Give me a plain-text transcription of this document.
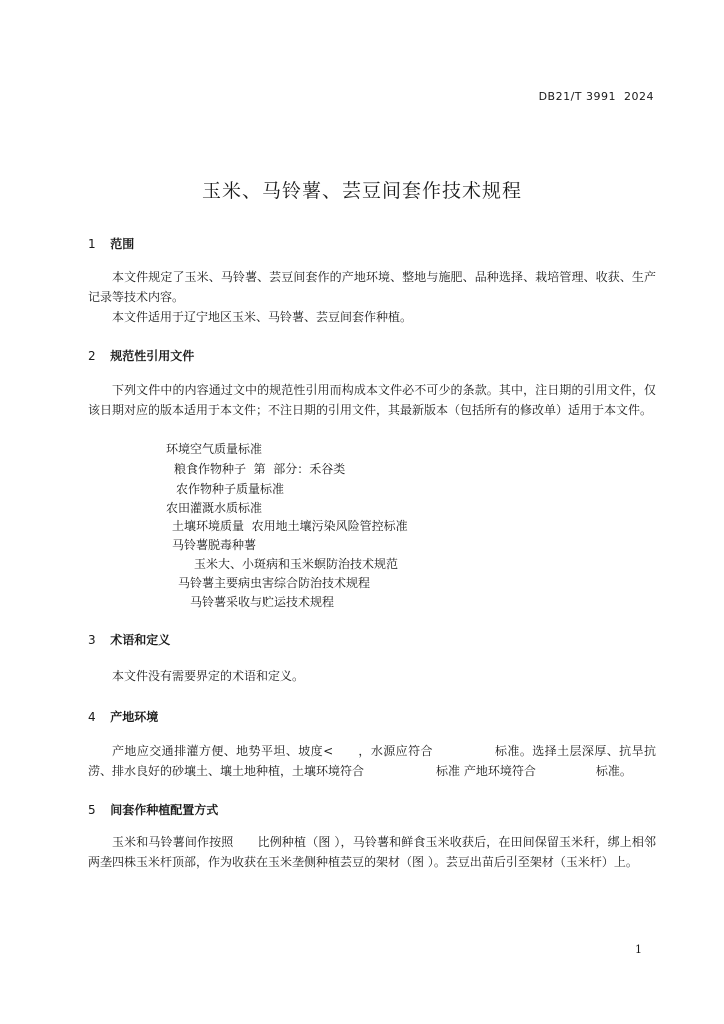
DB21/T 3991  2024
玉米、马铃薯、芸豆间套作技术规程
1 范围

本文件规定了玉米、马铃薯、芸豆间套作的产地环境、整地与施肥、品种选择、栽培管理、收获、生产记录等技术内容。

本文件适用于辽宁地区玉米、马铃薯、芸豆间套作种植。

2 规范性引用文件

下列文件中的内容通过文中的规范性引用而构成本文件必不可少的条款。其中，注日期的引用文件，仅该日期对应的版本适用于本文件；不注日期的引用文件，其最新版本（包括所有的修改单）适用于本文件。

环境空气质量标准
粮食作物种子  第  部分：禾谷类
农作物种子质量标准
农田灌溉水质标准
土壤环境质量  农用地土壤污染风险管控标准
马铃薯脱毒种薯
玉米大、小斑病和玉米螟防治技术规范
马铃薯主要病虫害综合防治技术规程
马铃薯采收与贮运技术规程
3 术语和定义

本文件没有需要界定的术语和定义。

4 产地环境

产地应交通排灌方便、地势平坦、坡度<　　，水源应符合　　　　　标准。选择土层深厚、抗旱抗涝、排水良好的砂壤土、壤土地种植，土壤环境符合　　　　　　标准 产地环境符合　　　　　标准。

5 间套作种植配置方式

玉米和马铃薯间作按照　　比例种植（图 ），马铃薯和鲜食玉米收获后，在田间保留玉米秆，绑上相邻两垄四株玉米杆顶部，作为收获在玉米垄侧种植芸豆的架材（图 ）。芸豆出苗后引至架材（玉米杆）上。

1
